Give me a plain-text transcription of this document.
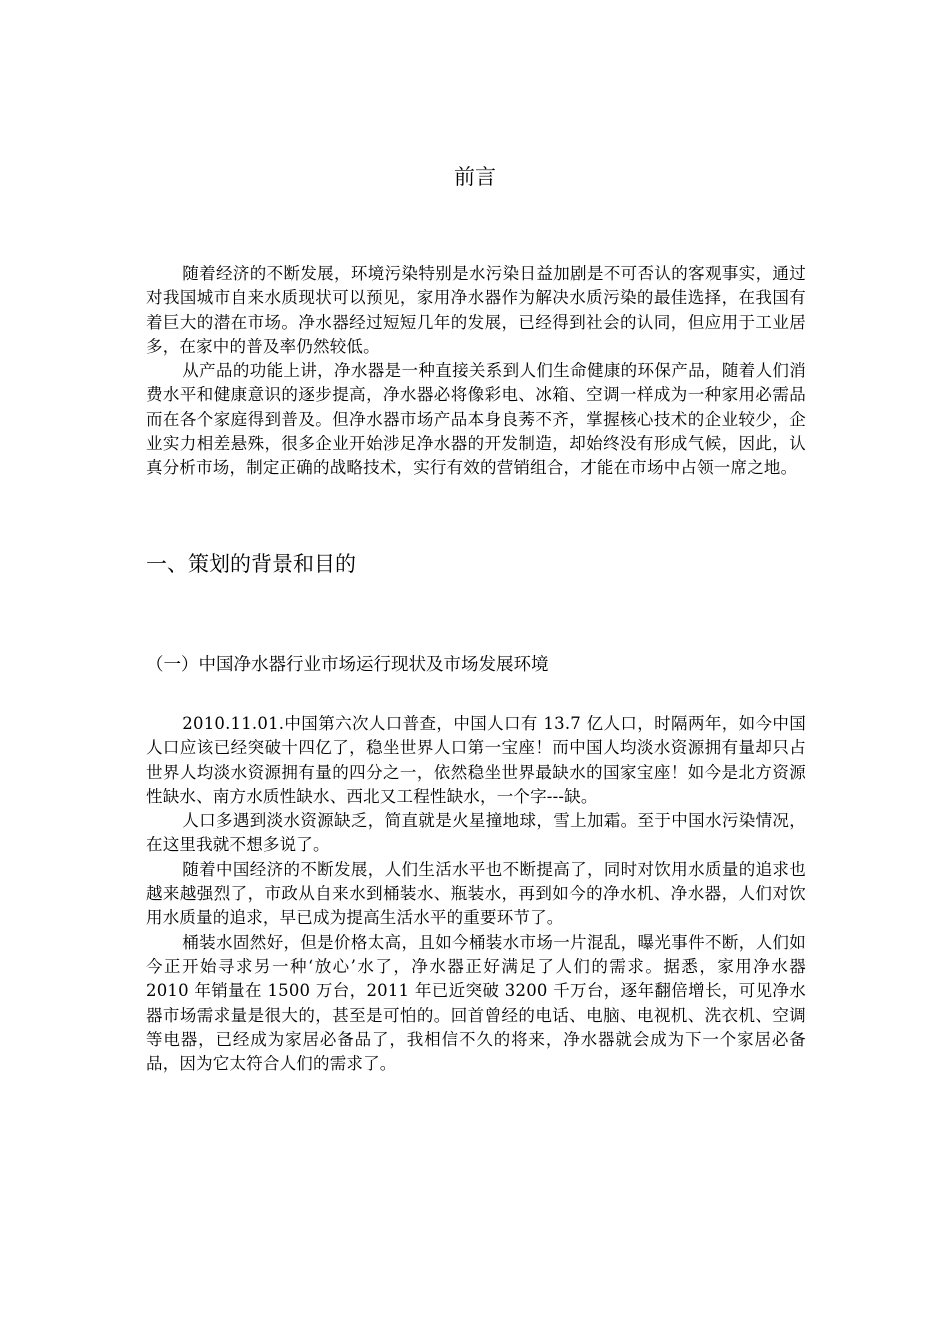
前言

随着经济的不断发展，环境污染特别是水污染日益加剧是不可否认的客观事实，通过对我国城市自来水质现状可以预见，家用净水器作为解决水质污染的最佳选择，在我国有着巨大的潜在市场。净水器经过短短几年的发展，已经得到社会的认同，但应用于工业居多，在家中的普及率仍然较低。

从产品的功能上讲，净水器是一种直接关系到人们生命健康的环保产品，随着人们消费水平和健康意识的逐步提高，净水器必将像彩电、冰箱、空调一样成为一种家用必需品而在各个家庭得到普及。但净水器市场产品本身良莠不齐，掌握核心技术的企业较少，企业实力相差悬殊，很多企业开始涉足净水器的开发制造，却始终没有形成气候，因此，认真分析市场，制定正确的战略技术，实行有效的营销组合，才能在市场中占领一席之地。

一、策划的背景和目的
（一）中国净水器行业市场运行现状及市场发展环境

2010.11.01.中国第六次人口普查，中国人口有 13.7 亿人口，时隔两年，如今中国人口应该已经突破十四亿了，稳坐世界人口第一宝座！而中国人均淡水资源拥有量却只占世界人均淡水资源拥有量的四分之一，依然稳坐世界最缺水的国家宝座！如今是北方资源性缺水、南方水质性缺水、西北又工程性缺水，一个字---缺。

人口多遇到淡水资源缺乏，简直就是火星撞地球，雪上加霜。至于中国水污染情况，在这里我就不想多说了。

随着中国经济的不断发展，人们生活水平也不断提高了，同时对饮用水质量的追求也越来越强烈了，市政从自来水到桶装水、瓶装水，再到如今的净水机、净水器，人们对饮用水质量的追求，早已成为提高生活水平的重要环节了。

桶装水固然好，但是价格太高，且如今桶装水市场一片混乱，曝光事件不断，人们如今正开始寻求另一种‘放心’水了，净水器正好满足了人们的需求。据悉，家用净水器 2010 年销量在 1500 万台，2011 年已近突破 3200 千万台，逐年翻倍增长，可见净水器市场需求量是很大的，甚至是可怕的。回首曾经的电话、电脑、电视机、洗衣机、空调等电器，已经成为家居必备品了，我相信不久的将来，净水器就会成为下一个家居必备品，因为它太符合人们的需求了。
